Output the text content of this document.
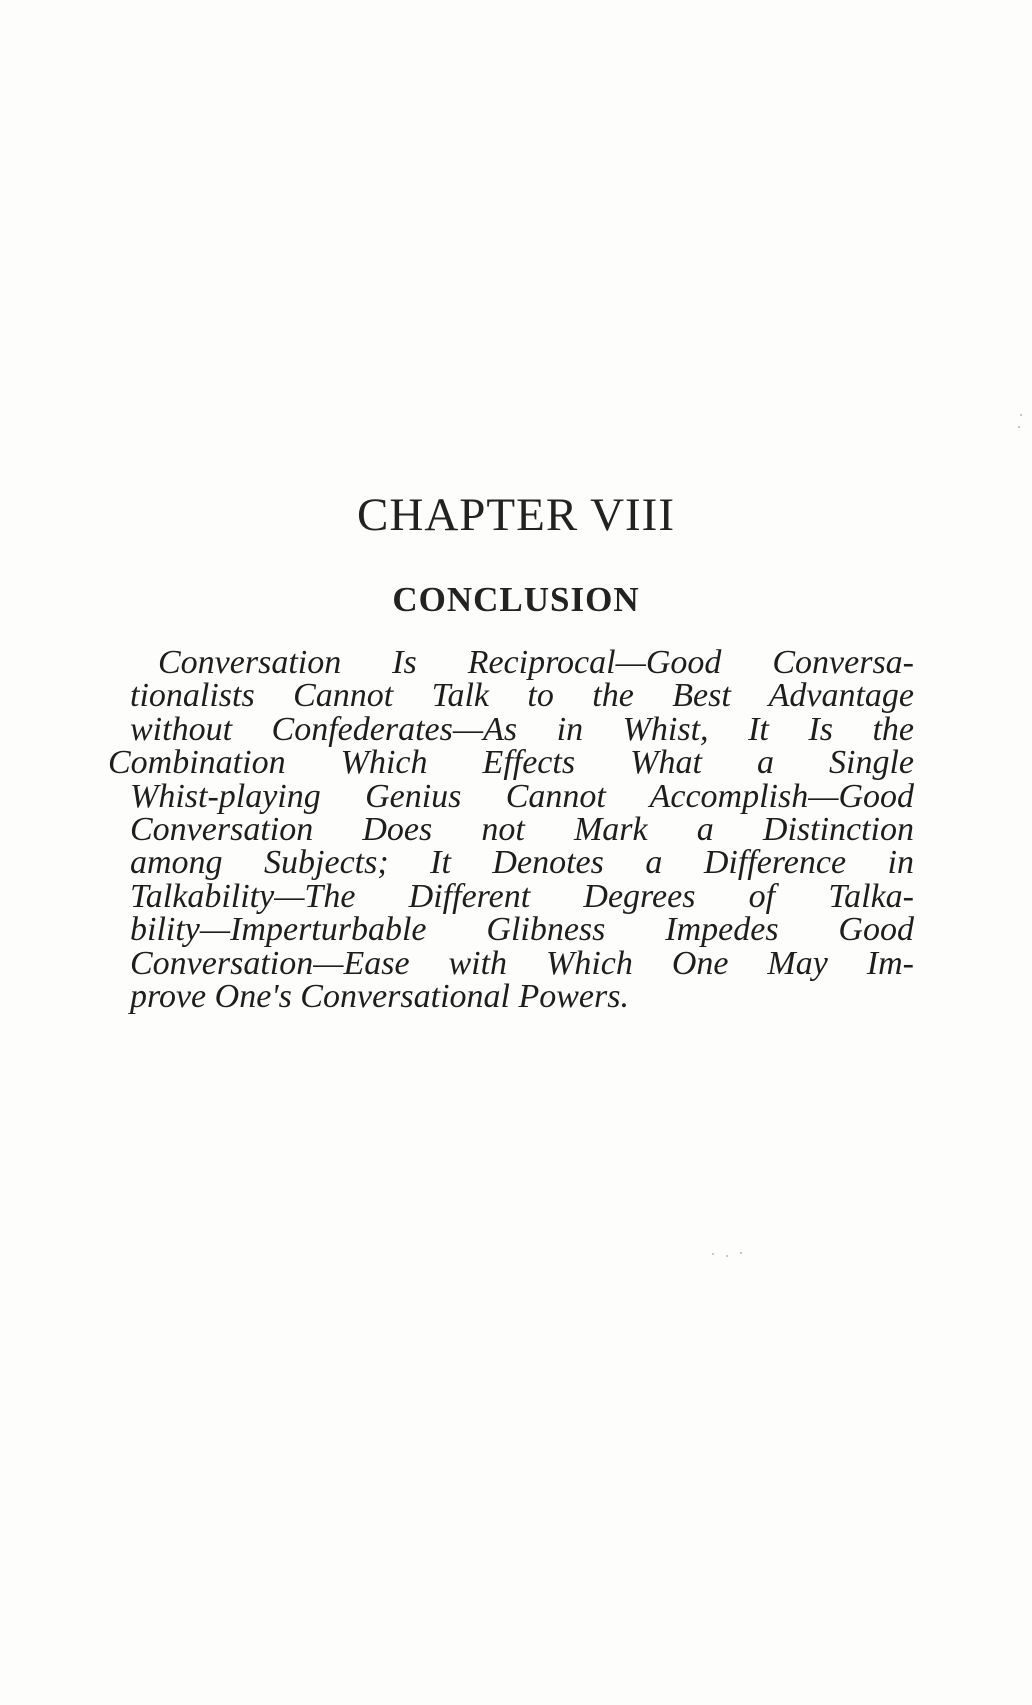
CHAPTER VIII
CONCLUSION
Conversation Is Reciprocal—Good Conversa-
tionalists Cannot Talk to the Best Advantage
without Confederates—As in Whist, It Is the
Combination Which Effects What a Single
Whist-playing Genius Cannot Accomplish—Good
Conversation Does not Mark a Distinction
among Subjects; It Denotes a Difference in
Talkability—The Different Degrees of Talka-
bility—Imperturbable Glibness Impedes Good
Conversation—Ease with Which One May Im-
prove One's Conversational Powers.
